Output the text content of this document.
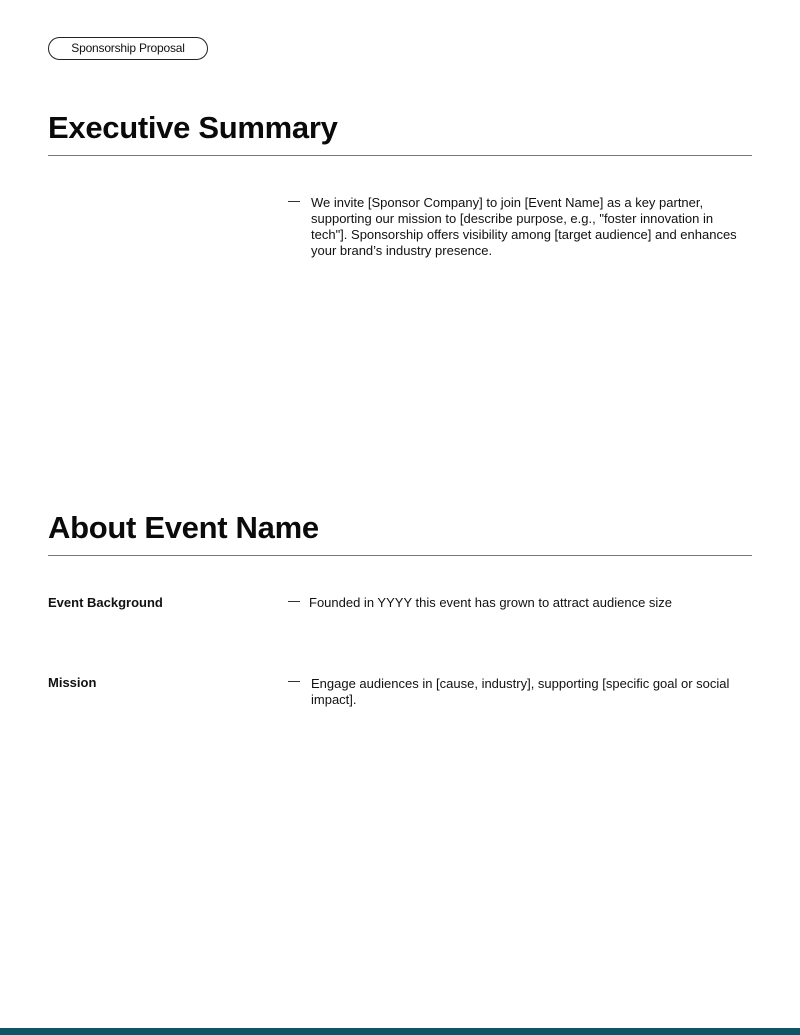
Sponsorship Proposal
Executive Summary
We invite [Sponsor Company] to join [Event Name] as a key partner, supporting our mission to [describe purpose, e.g., "foster innovation in tech"]. Sponsorship offers visibility among [target audience] and enhances your brand’s industry presence.
About Event Name
Event Background	Founded in YYYY this event has grown to attract audience size
Mission	Engage audiences in [cause, industry], supporting [specific goal or social impact].
